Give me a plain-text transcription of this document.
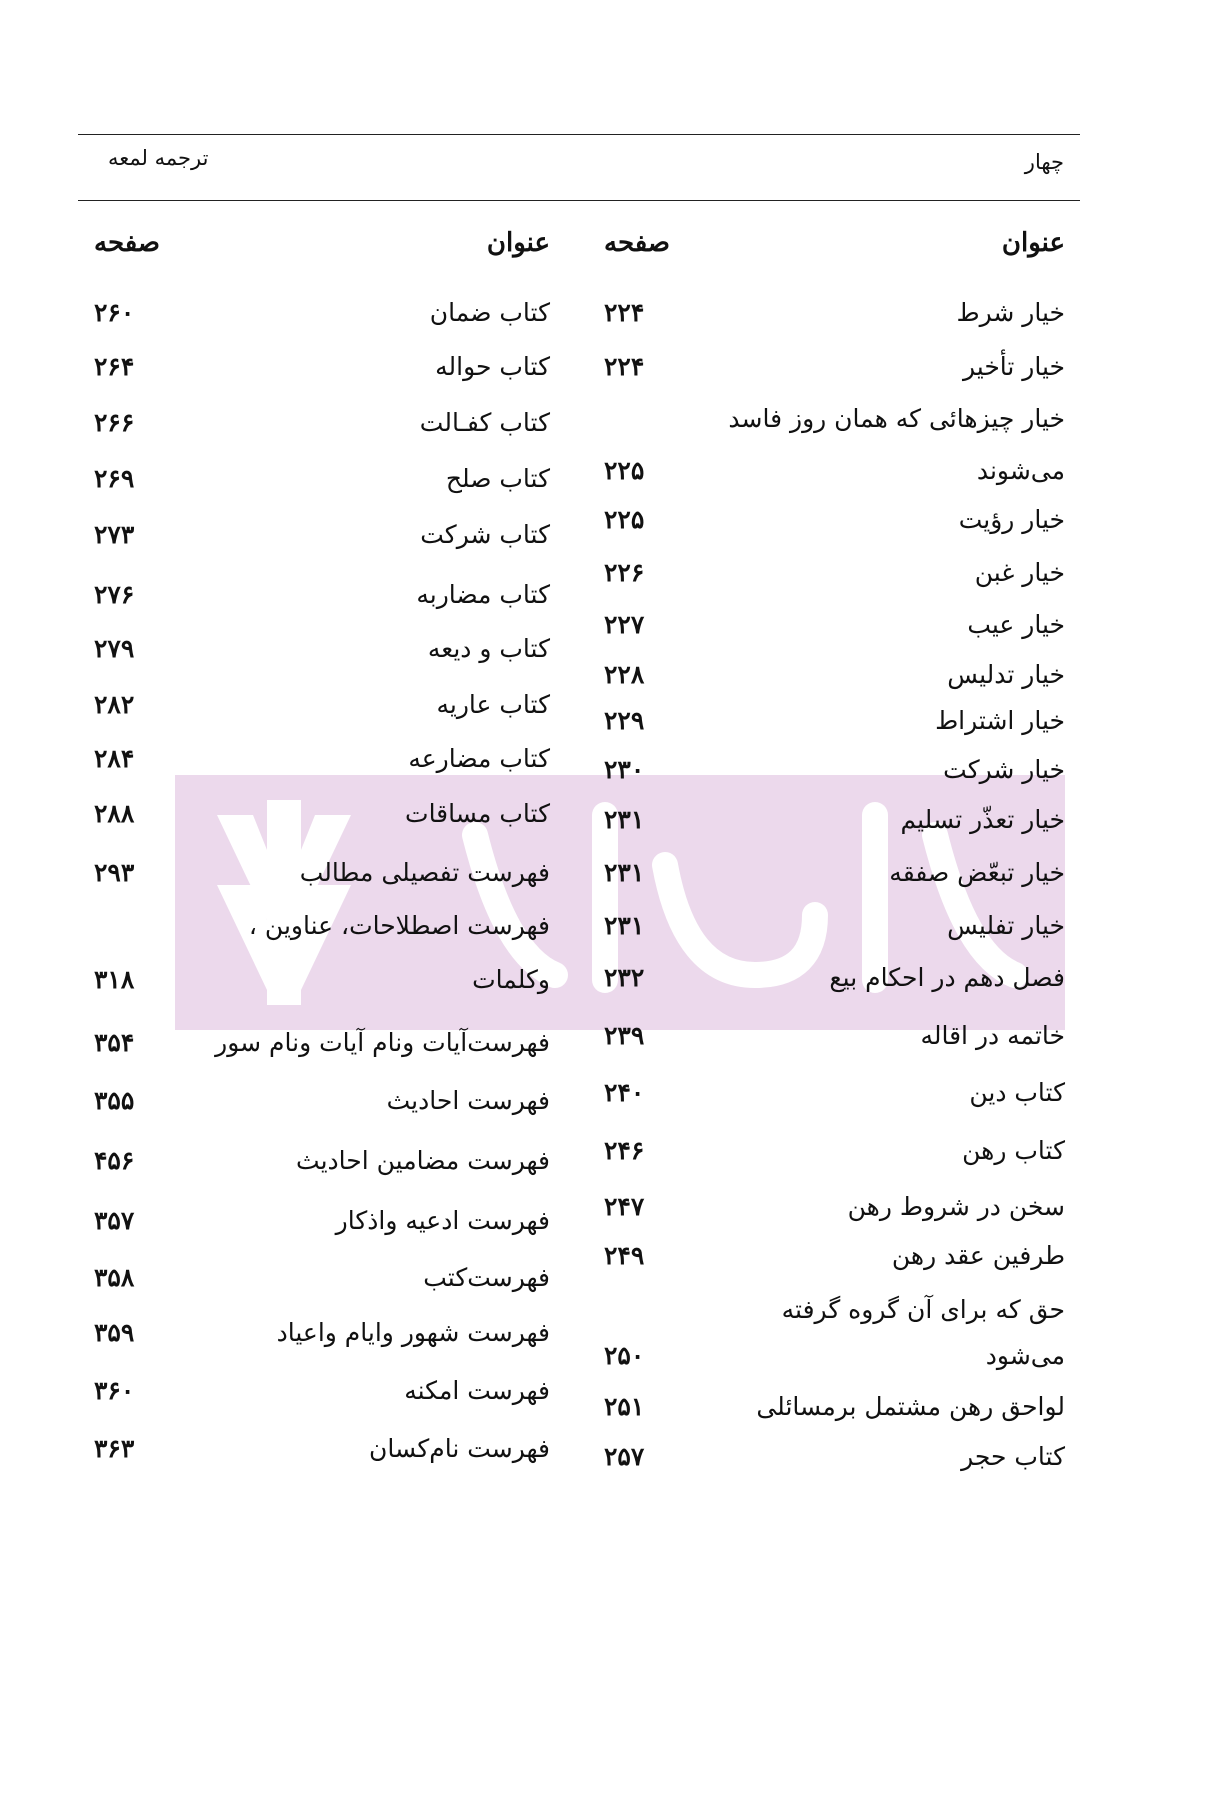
چهار
ترجمه لمعه
عنوان
صفحه
خیار شرط
۲۲۴
خیار تأخیر
۲۲۴
خیار چیزهائی که همان روز فاسد
می‌شوند
۲۲۵
خیار رؤیت
۲۲۵
خیار غبن
۲۲۶
خیار عیب
۲۲۷
خیار تدلیس
۲۲۸
خیار اشتراط
۲۲۹
خیار شرکت
۲۳۰
خیار تعذّر تسلیم
۲۳۱
خیار تبعّض صفقه
۲۳۱
خیار تفلیس
۲۳۱
فصل دهم در احکام بیع
۲۳۲
خاتمه در اقاله
۲۳۹
کتاب دین
۲۴۰
کتاب رهن
۲۴۶
سخن در شروط رهن
۲۴۷
طرفین عقد رهن
۲۴۹
حق که برای آن گروه گرفته
می‌شود
۲۵۰
لواحق رهن مشتمل برمسائلی
۲۵۱
کتاب حجر
۲۵۷
عنوان
صفحه
کتاب ضمان
۲۶۰
کتاب حواله
۲۶۴
کتاب کفـالت
۲۶۶
کتاب صلح
۲۶۹
کتاب شرکت
۲۷۳
کتاب مضاربه
۲۷۶
کتاب و دیعه
۲۷۹
کتاب عاریه
۲۸۲
کتاب مضارعه
۲۸۴
کتاب مساقات
۲۸۸
فهرست تفصیلی مطالب
۲۹۳
فهرست اصطلاحات، عناوین ،
وکلمات
۳۱۸
فهرست‌آیات ونام آیات ونام سور
۳۵۴
فهرست احادیث
۳۵۵
فهرست مضامین احادیث
۴۵۶
فهرست ادعیه واذکار
۳۵۷
فهرست‌کتب
۳۵۸
فهرست شهور وایام واعیاد
۳۵۹
فهرست امکنه
۳۶۰
فهرست نام‌کسان
۳۶۳
